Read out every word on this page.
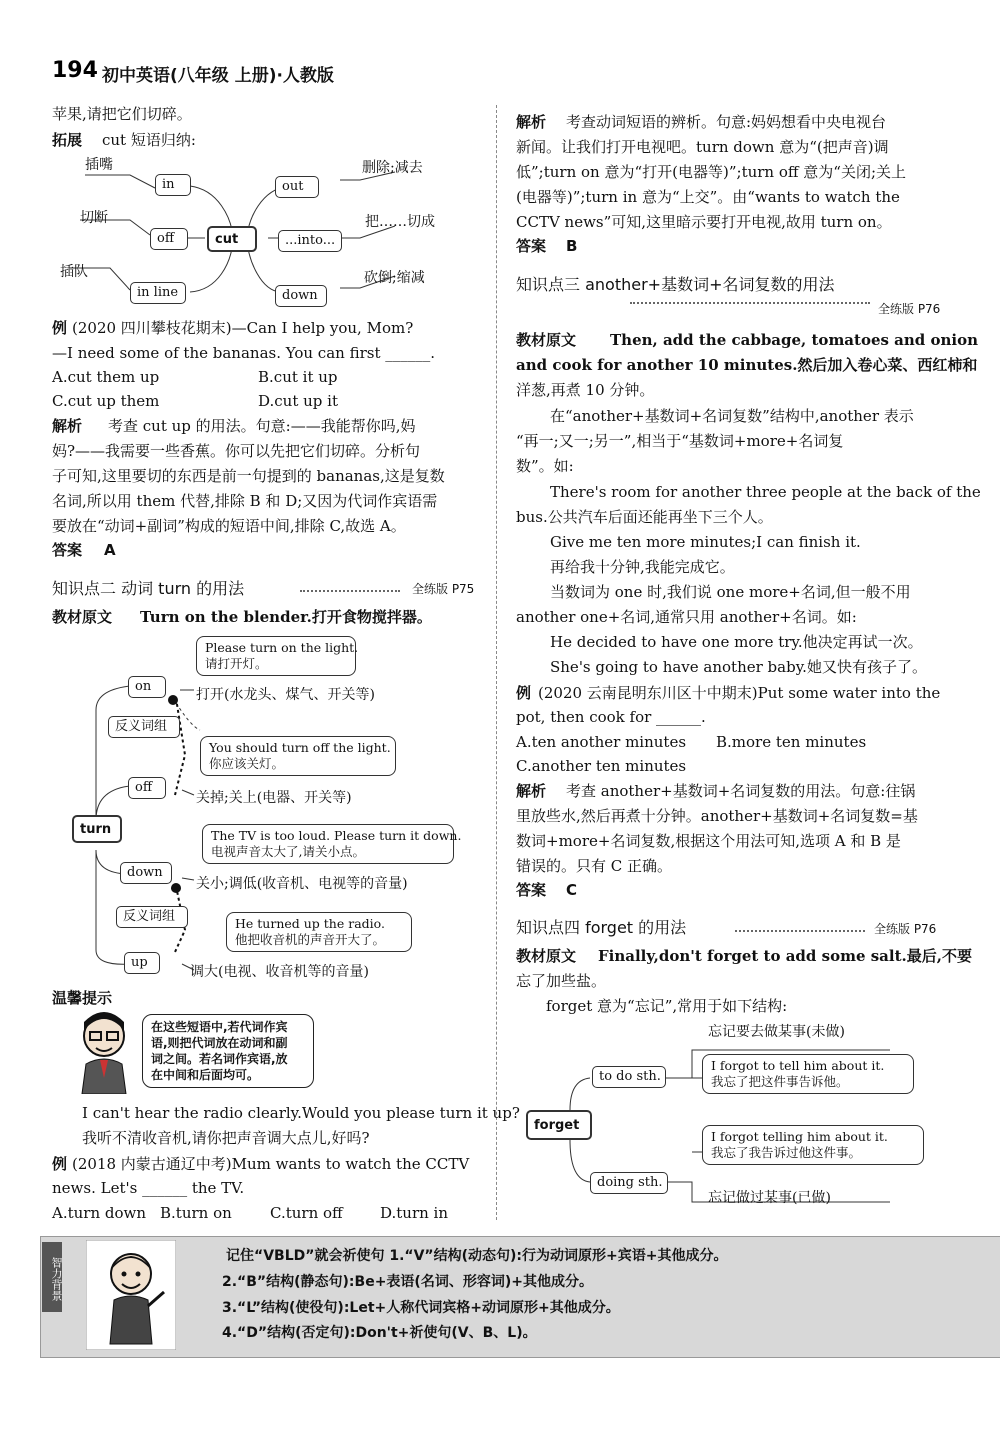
194 初中英语(八年级 上册)·人教版
苹果,请把它们切碎。
拓展 cut 短语归纳:
in	out
off	cut	...into...
in line	down
插嘴	删除;减去
切断	把……切成
插队	砍倒;缩减
例 (2020 四川攀枝花期末)—Can I help you, Mom?
—I need some of the bananas. You can first ______.
A.cut them up	B.cut it up
C.cut up them	D.cut up it
解析 考查 cut up 的用法。句意:——我能帮你吗,妈
妈?——我需要一些香蕉。你可以先把它们切碎。分析句
子可知,这里要切的东西是前一句提到的 bananas,这是复数
名词,所以用 them 代替,排除 B 和 D;又因为代词作宾语需
要放在“动词+副词”构成的短语中间,排除 C,故选 A。
答案 A
知识点二 动词 turn 的用法	全练版 P75
教材原文 Turn on the blender.打开食物搅拌器。
on
off
turn
down
up
反义词组
反义词组
Please turn on the light.
请打开灯。
You should turn off the light.
你应该关灯。
The TV is too loud. Please turn it down.
电视声音太大了,请关小点。
He turned up the radio.
他把收音机的声音开大了。
打开(水龙头、煤气、开关等)
关掉;关上(电器、开关等)
关小;调低(收音机、电视等的音量)
调大(电视、收音机等的音量)
温馨提示
在这些短语中,若代词作宾
语,则把代词放在动词和副
词之间。若名词作宾语,放
在中间和后面均可。
I can't hear the radio clearly.Would you please turn it up?
我听不清收音机,请你把声音调大点儿,好吗?
例 (2018 内蒙古通辽中考)Mum wants to watch the CCTV
news. Let's ______ the TV.
A.turn down B.turn on	C.turn off D.turn in
解析 考查动词短语的辨析。句意:妈妈想看中央电视台
新闻。让我们打开电视吧。turn down 意为“(把声音)调
低”;turn on 意为“打开(电器等)”;turn off 意为“关闭;关上
(电器等)”;turn in 意为“上交”。由“wants to watch the
CCTV news”可知,这里暗示要打开电视,故用 turn on。
答案 B
知识点三 another+基数词+名词复数的用法
全练版 P76
教材原文 Then, add the cabbage, tomatoes and onion
and cook for another 10 minutes.然后加入卷心菜、西红柿和
洋葱,再煮 10 分钟。
在“another+基数词+名词复数”结构中,another 表示
“再一;又一;另一”,相当于“基数词+more+名词复
数”。如:
There's room for another three people at the back of the
bus.公共汽车后面还能再坐下三个人。
Give me ten more minutes;I can finish it.
再给我十分钟,我能完成它。
当数词为 one 时,我们说 one more+名词,但一般不用
another one+名词,通常只用 another+名词。如:
He decided to have one more try.他决定再试一次。
She's going to have another baby.她又快有孩子了。
例 (2020 云南昆明东川区十中期末)Put some water into the
pot, then cook for ______.
A.ten another minutes B.more ten minutes
C.another ten minutes
解析 考查 another+基数词+名词复数的用法。句意:往锅
里放些水,然后再煮十分钟。another+基数词+名词复数=基
数词+more+名词复数,根据这个用法可知,选项 A 和 B 是
错误的。只有 C 正确。
答案 C
知识点四 forget 的用法	全练版 P76
教材原文 Finally,don't forget to add some salt.最后,不要
忘了加些盐。
forget 意为“忘记”,常用于如下结构:
忘记要去做某事(未做)
to do sth.
I forgot to tell him about it.
我忘了把这件事告诉他。
forget
I forgot telling him about it.
我忘了我告诉过他这件事。
doing sth.
忘记做过某事(已做)
智力背景
记住“VBLD”就会祈使句 1.“V”结构(动态句):行为动词原形+宾语+其他成分。
2.“B”结构(静态句):Be+表语(名词、形容词)+其他成分。
3.“L”结构(使役句):Let+人称代词宾格+动词原形+其他成分。
4.“D”结构(否定句):Don't+祈使句(V、B、L)。
